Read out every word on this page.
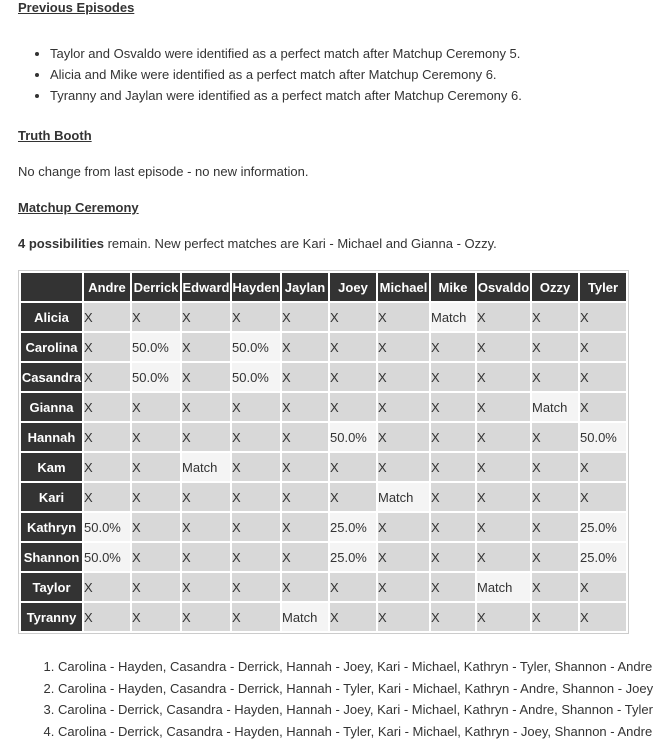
Previous Episodes
• Taylor and Osvaldo were identified as a perfect match after Matchup Ceremony 5.
• Alicia and Mike were identified as a perfect match after Matchup Ceremony 6.
• Tyranny and Jaylan were identified as a perfect match after Matchup Ceremony 6.
Truth Booth

No change from last episode - no new information.

Matchup Ceremony

4 possibilities remain. New perfect matches are Kari - Michael and Gianna - Ozzy.

	Andre	Derrick	Edward	Hayden	Jaylan	Joey	Michael	Mike	Osvaldo	Ozzy	Tyler
Alicia	X	X	X	X	X	X	X	Match	X	X	X
Carolina	X	50.0%	X	50.0%	X	X	X	X	X	X	X
Casandra	X	50.0%	X	50.0%	X	X	X	X	X	X	X
Gianna	X	X	X	X	X	X	X	X	X	Match	X
Hannah	X	X	X	X	X	50.0%	X	X	X	X	50.0%
Kam	X	X	Match	X	X	X	X	X	X	X	X
Kari	X	X	X	X	X	X	Match	X	X	X	X
Kathryn	50.0%	X	X	X	X	25.0%	X	X	X	X	25.0%
Shannon	50.0%	X	X	X	X	25.0%	X	X	X	X	25.0%
Taylor	X	X	X	X	X	X	X	X	Match	X	X
Tyranny	X	X	X	X	Match	X	X	X	X	X	X
1. Carolina - Hayden, Casandra - Derrick, Hannah - Joey, Kari - Michael, Kathryn - Tyler, Shannon - Andre
2. Carolina - Hayden, Casandra - Derrick, Hannah - Tyler, Kari - Michael, Kathryn - Andre, Shannon - Joey
3. Carolina - Derrick, Casandra - Hayden, Hannah - Joey, Kari - Michael, Kathryn - Andre, Shannon - Tyler
4. Carolina - Derrick, Casandra - Hayden, Hannah - Tyler, Kari - Michael, Kathryn - Joey, Shannon - Andre
